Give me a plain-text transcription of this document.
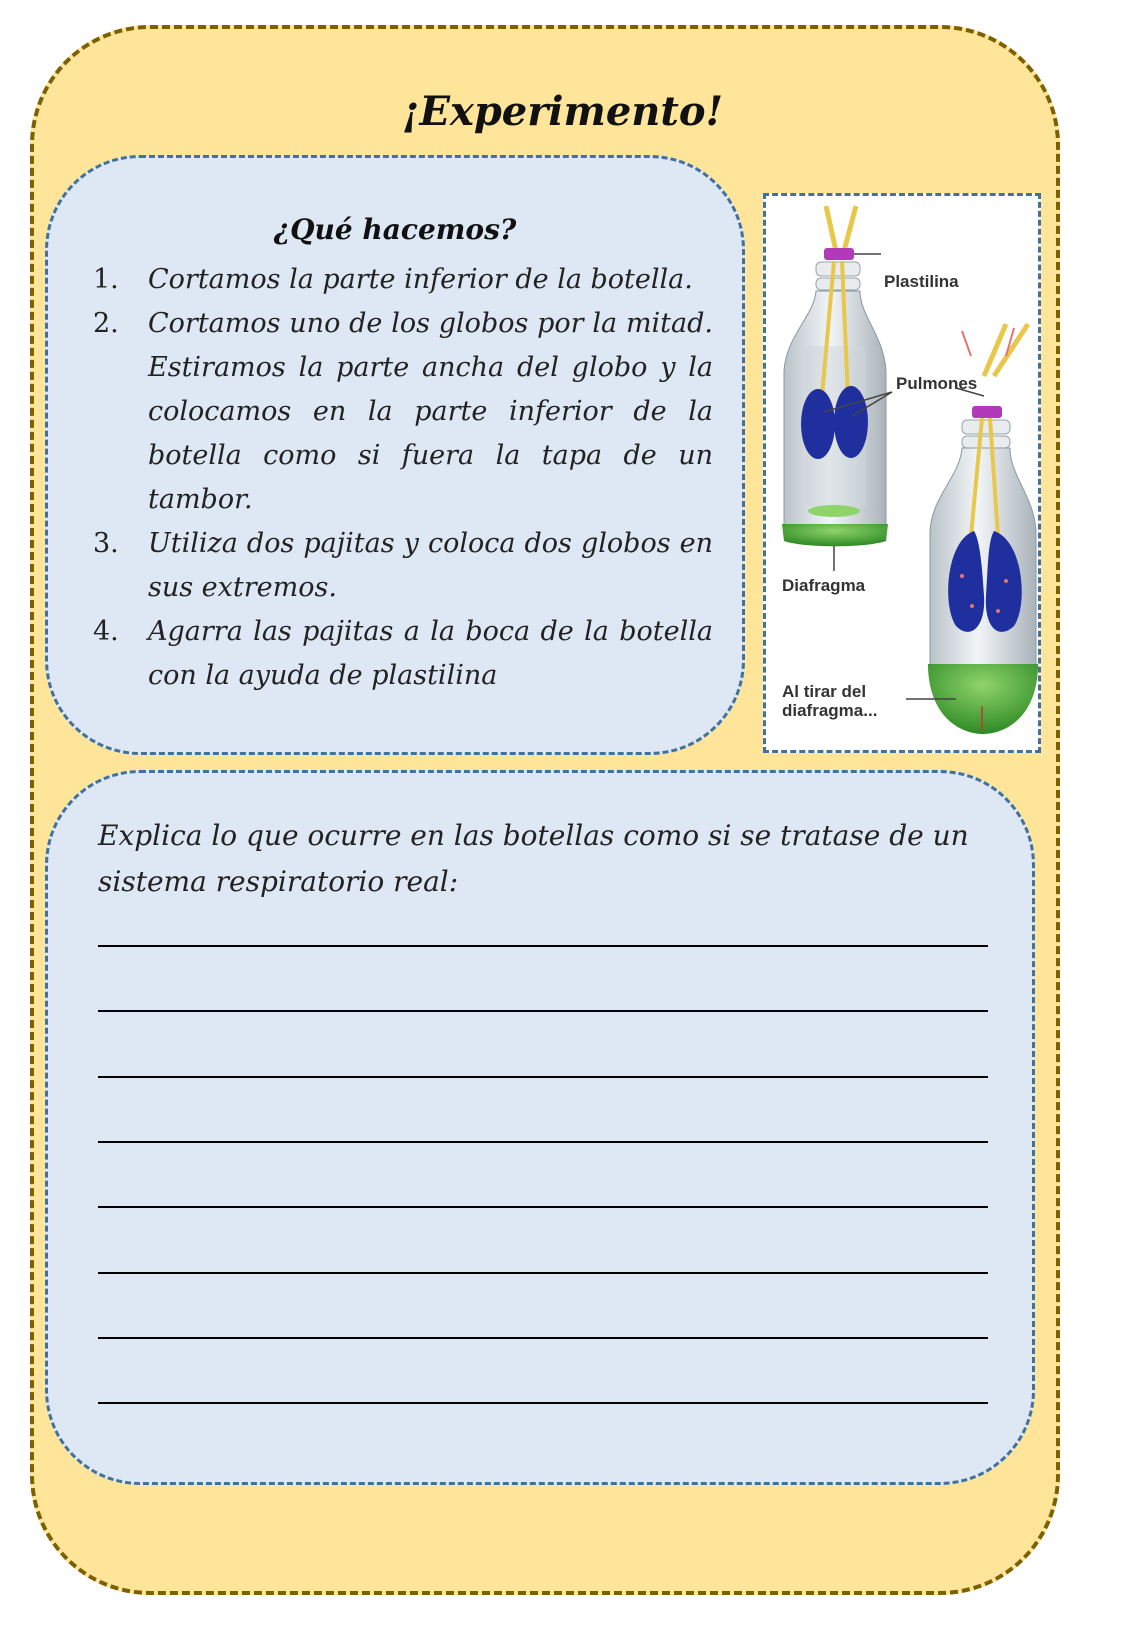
¡Experimento!
¿Qué hacemos?
1.	Cortamos la parte inferior de la botella.
2.	Cortamos uno de los globos por la mitad. Estiramos la parte ancha del globo y la colocamos en la parte inferior de la botella como si fuera la tapa de un tambor.
3.	Utiliza dos pajitas y coloca dos globos en sus extremos.
4.	Agarra las pajitas a la boca de la botella con la ayuda de plastilina
Plastilina
Pulmones
Diafragma
Al tirar del
diafragma...

Explica lo que ocurre en las botellas como si se tratase de un sistema respiratorio real:
